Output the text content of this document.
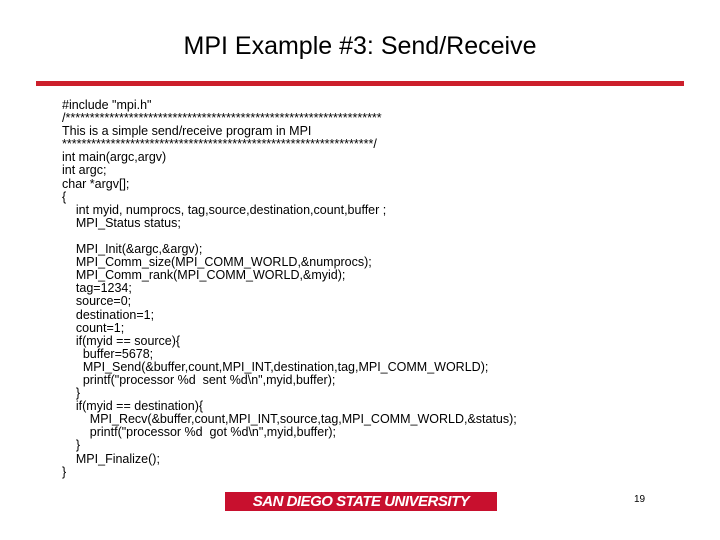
MPI Example #3: Send/Receive
#include "mpi.h"
/*****************************************************************
This is a simple send/receive program in MPI
****************************************************************/
int main(argc,argv)
int argc;
char *argv[];
{
int myid, numprocs, tag,source,destination,count,buffer ;
MPI_Status status;
MPI_Init(&argc,&argv);
MPI_Comm_size(MPI_COMM_WORLD,&numprocs);
MPI_Comm_rank(MPI_COMM_WORLD,&myid);
tag=1234;
source=0;
destination=1;
count=1;
if(myid == source){
buffer=5678;
MPI_Send(&buffer,count,MPI_INT,destination,tag,MPI_COMM_WORLD);
printf("processor %d  sent %d\n",myid,buffer);
}
if(myid == destination){
MPI_Recv(&buffer,count,MPI_INT,source,tag,MPI_COMM_WORLD,&status);
printf("processor %d  got %d\n",myid,buffer);
}
MPI_Finalize();
}
SAN DIEGO STATE UNIVERSITY	19
